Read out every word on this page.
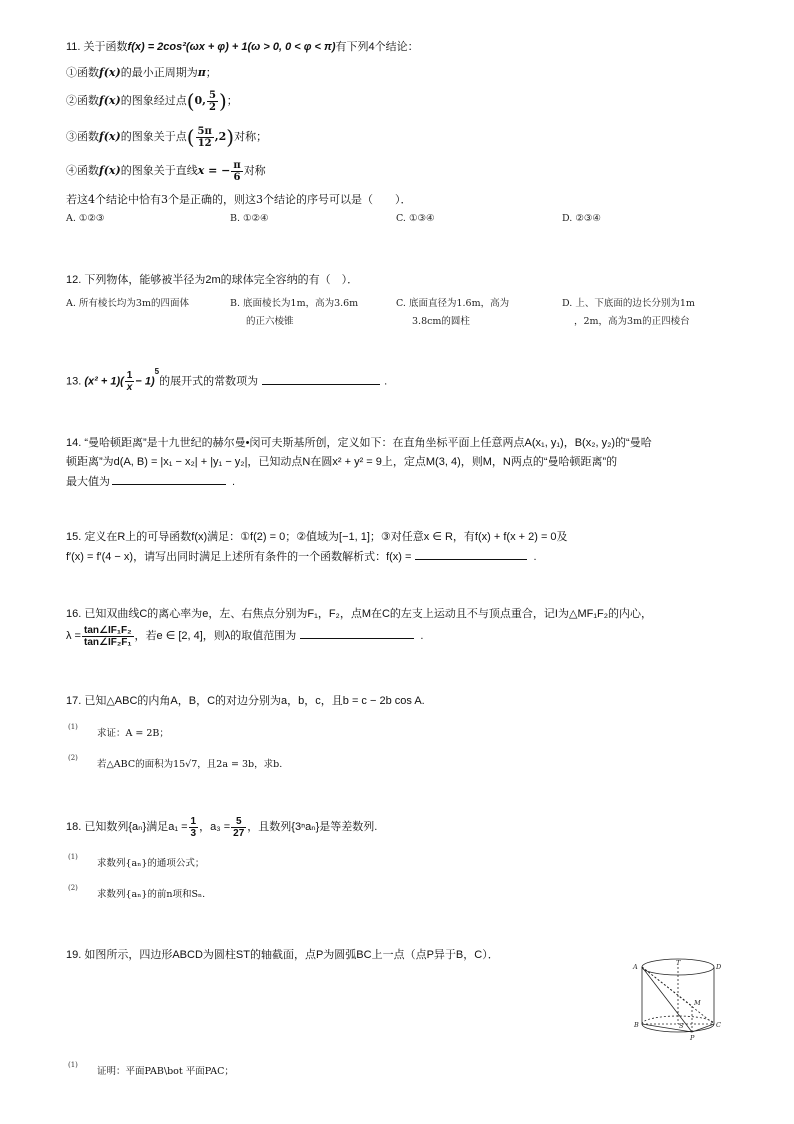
11. 关于函数f(x) = 2cos²(ωx + φ) + 1(ω > 0, 0 < φ < π)有下列4个结论：
①函数f(x)的最小正周期为π；
②函数f(x)的图象经过点(0, $\frac{5}{2}$ )；
③函数f(x)的图象关于点( $\frac{5\pi}{12} ,2$)对称；
④函数f(x)的图象关于直线x = − $\frac{\pi}{6}$ 对称
若这4个结论中恰有3个是正确的，则这3个结论的序号可以是（　　）．
A. ①②③	B. ①②④	C. ①③④	D. ②③④
12. 下列物体，能够被半径为2m的球体完全容纳的有（　）．
A. 所有棱长均为3m的四面体	B. 底面棱长为1m，高为3.6m
的正六棱锥
C. 底面直径为1.6m，高为
3.8cm的圆柱
D. 上、下底面的边长分别为1m
，2m，高为3m的正四棱台
13. $(x^2 + 1)( \frac{1}{x} - 1)^5$的展开式的常数项为	.
14. “曼哈顿距离”是十九世纪的赫尔曼•闵可夫斯基所创，定义如下：在直角坐标平面上任意两点A(x₁, y₁)，B(x₂, y₂)的“曼哈
顿距离”为d(A, B) = |x₁ − x₂| + |y₁ − y₂|，已知动点N在圆x² + y² = 9上，定点M(3, 4)，则M，N两点的“曼哈顿距离”的
最大值为	.
15. 定义在R上的可导函数f(x)满足：①f(2) = 0；②值域为[−1, 1]；③对任意x ∈ R，有f(x) + f(x + 2) = 0及
f′(x) = f′(4 − x)，请写出同时满足上述所有条件的一个函数解析式：f(x) =	.
16. 已知双曲线C的离心率为e，左、右焦点分别为F₁，F₂，点M在C的左支上运动且不与顶点重合，记I为△MF₁F₂的内心，
$\lambda = \frac{\text{tan∠IF₁F₂}}{\text{tan∠IF₂F₁}}$ ，若e ∈ [2, 4]，则λ的取值范围为	.
17. 已知△ABC的内角A，B，C的对边分别为a，b，c，且b = c − 2b cos A.
(1)
求证：A = 2B；
(2)
若△ABC的面积为15√7，且2a = 3b，求b.
18. 已知数列{aₙ}满足$a_1 = \frac{1}{3}$ ，$a_3 = \frac{5}{27}$ ，且数列{3ⁿaₙ}是等差数列.
(1)
求数列{aₙ}的通项公式；
(2)
求数列{aₙ}的前n项和Sₙ.
19. 如图所示，四边形ABCD为圆柱ST的轴截面，点P为圆弧BC上一点（点P异于B，C）．
A	T	D
M
B	S	C
P
(1)
证明：平面PAB\bot 平面PAC；
